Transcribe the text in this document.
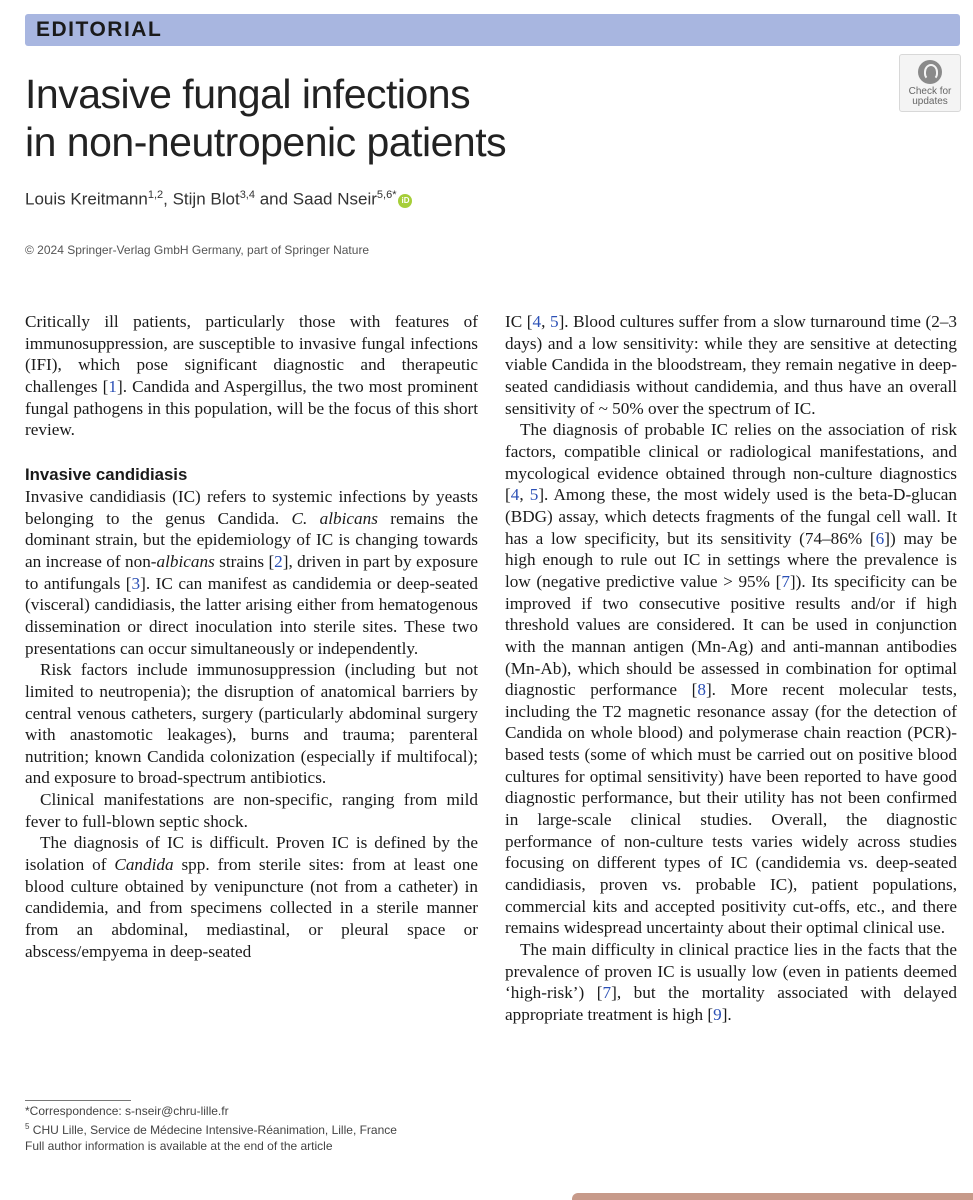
EDITORIAL
Invasive fungal infections
in non-neutropenic patients
Check for
updates
Louis Kreitmann$^{1,2}$, Stijn Blot$^{3,4}$ and Saad Nseir$^{5,6*}$ iD
© 2024 Springer-Verlag GmbH Germany, part of Springer Nature

Critically ill patients, particularly those with features of immunosuppression, are susceptible to invasive fungal infections (IFI), which pose significant diagnostic and therapeutic challenges [1]. Candida and Aspergillus, the two most prominent fungal pathogens in this population, will be the focus of this short review.

Invasive candidiasis

Invasive candidiasis (IC) refers to systemic infections by yeasts belonging to the genus Candida. C. albicans remains the dominant strain, but the epidemiology of IC is changing towards an increase of non-albicans strains [2], driven in part by exposure to antifungals [3]. IC can manifest as candidemia or deep-seated (visceral) candidiasis, the latter arising either from hematogenous dissemination or direct inoculation into sterile sites. These two presentations can occur simultaneously or independently.

Risk factors include immunosuppression (including but not limited to neutropenia); the disruption of anatomical barriers by central venous catheters, surgery (particularly abdominal surgery with anastomotic leakages), burns and trauma; parenteral nutrition; known Candida colonization (especially if multifocal); and exposure to broad-spectrum antibiotics.

Clinical manifestations are non-specific, ranging from mild fever to full-blown septic shock.

The diagnosis of IC is difficult. Proven IC is defined by the isolation of Candida spp. from sterile sites: from at least one blood culture obtained by venipuncture (not from a catheter) in candidemia, and from specimens collected in a sterile manner from an abdominal, mediastinal, or pleural space or abscess/empyema in deep-seated

IC [4, 5]. Blood cultures suffer from a slow turnaround time (2–3 days) and a low sensitivity: while they are sensitive at detecting viable Candida in the bloodstream, they remain negative in deep-seated candidiasis without candidemia, and thus have an overall sensitivity of ~ 50% over the spectrum of IC.

The diagnosis of probable IC relies on the association of risk factors, compatible clinical or radiological manifestations, and mycological evidence obtained through non-culture diagnostics [4, 5]. Among these, the most widely used is the beta-D-glucan (BDG) assay, which detects fragments of the fungal cell wall. It has a low specificity, but its sensitivity (74–86% [6]) may be high enough to rule out IC in settings where the prevalence is low (negative predictive value > 95% [7]). Its specificity can be improved if two consecutive positive results and/or if high threshold values are considered. It can be used in conjunction with the mannan antigen (Mn-Ag) and anti-mannan antibodies (Mn-Ab), which should be assessed in combination for optimal diagnostic performance [8]. More recent molecular tests, including the T2 magnetic resonance assay (for the detection of Candida on whole blood) and polymerase chain reaction (PCR)-based tests (some of which must be carried out on positive blood cultures for optimal sensitivity) have been reported to have good diagnostic performance, but their utility has not been confirmed in large-scale clinical studies. Overall, the diagnostic performance of non-culture tests varies widely across studies focusing on different types of IC (candidemia vs. deep-seated candidiasis, proven vs. probable IC), patient populations, commercial kits and accepted positivity cut-offs, etc., and there remains widespread uncertainty about their optimal clinical use.

The main difficulty in clinical practice lies in the facts that the prevalence of proven IC is usually low (even in patients deemed ‘high-risk’) [7], but the mortality associated with delayed appropriate treatment is high [9].

*Correspondence: s-nseir@chru-lille.fr
$^5$ CHU Lille, Service de Médecine Intensive-Réanimation, Lille, France
Full author information is available at the end of the article
